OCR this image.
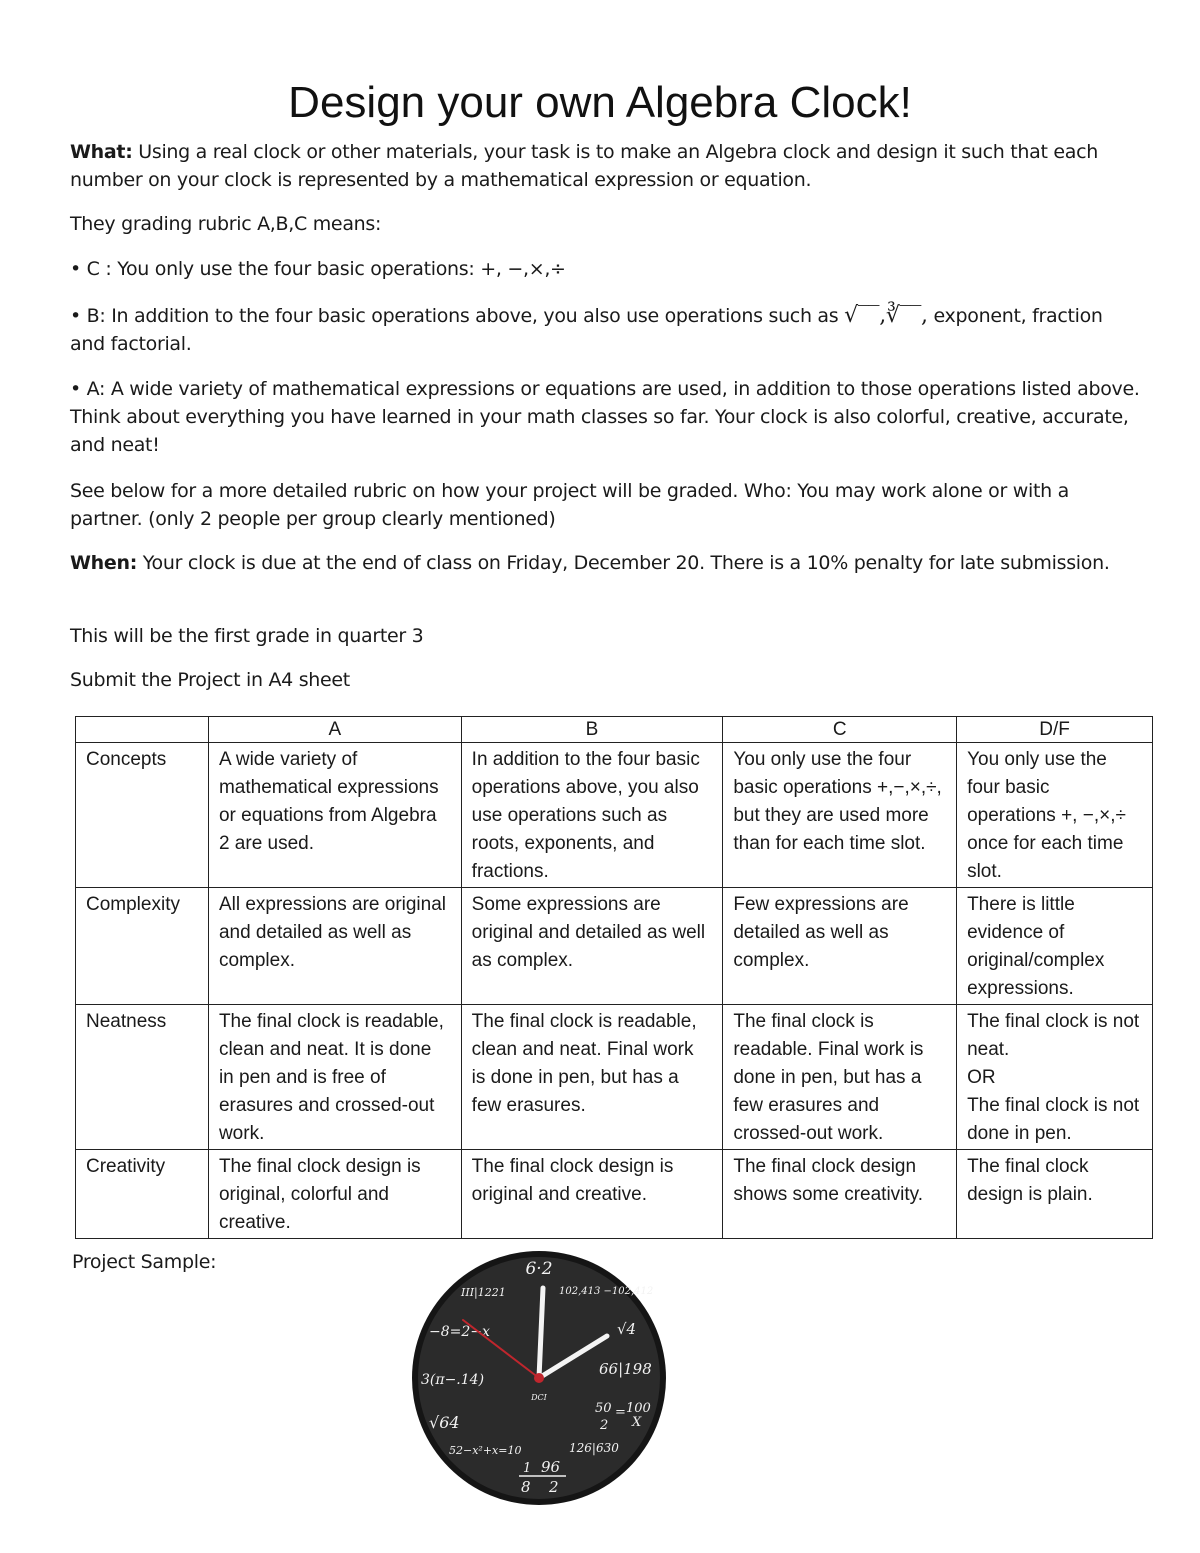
Design your own Algebra Clock!

What: Using a real clock or other materials, your task is to make an Algebra clock and design it such that each number on your clock is represented by a mathematical expression or equation.

They grading rubric A,B,C means:

• C : You only use the four basic operations: +, −,×,÷

• B: In addition to the four basic operations above, you also use operations such as √‾‾,∛‾‾, exponent, fraction and factorial.

• A: A wide variety of mathematical expressions or equations are used, in addition to those operations listed above. Think about everything you have learned in your math classes so far. Your clock is also colorful, creative, accurate, and neat!

See below for a more detailed rubric on how your project will be graded. Who: You may work alone or with a partner. (only 2 people per group clearly mentioned)

When: Your clock is due at the end of class on Friday, December 20. There is a 10% penalty for late submission.

This will be the first grade in quarter 3

Submit the Project in A4 sheet

	A	B	C	D/F
Concepts	A wide variety of mathematical expressions or equations from Algebra 2 are used.	In addition to the four basic operations above, you also use operations such as roots, exponents, and fractions.	You only use the four basic operations +,−,×,÷, but they are used more than for each time slot.	You only use the four basic operations +, −,×,÷ once for each time slot.
Complexity	All expressions are original and detailed as well as complex.	Some expressions are original and detailed as well as complex.	Few expressions are detailed as well as complex.	There is little evidence of original/complex expressions.
Neatness	The final clock is readable, clean and neat. It is done in pen and is free of erasures and crossed-out work.	The final clock is readable, clean and neat. Final work is done in pen, but has a few erasures.	The final clock is readable. Final work is done in pen, but has a few erasures and crossed-out work.	The final clock is not neat.
OR
The final clock is not done in pen.
Creativity	The final clock design is original, colorful and creative.	The final clock design is original and creative.	The final clock design shows some creativity.	The final clock design is plain.

Project Sample:	6·2
102,413 −102,412
III|1221
−8=2−x	√4
3(π−.14)
66|198
50 = 100
2 X
√64
52−x²+x=10	126|630
1 96
8 2
DCI
